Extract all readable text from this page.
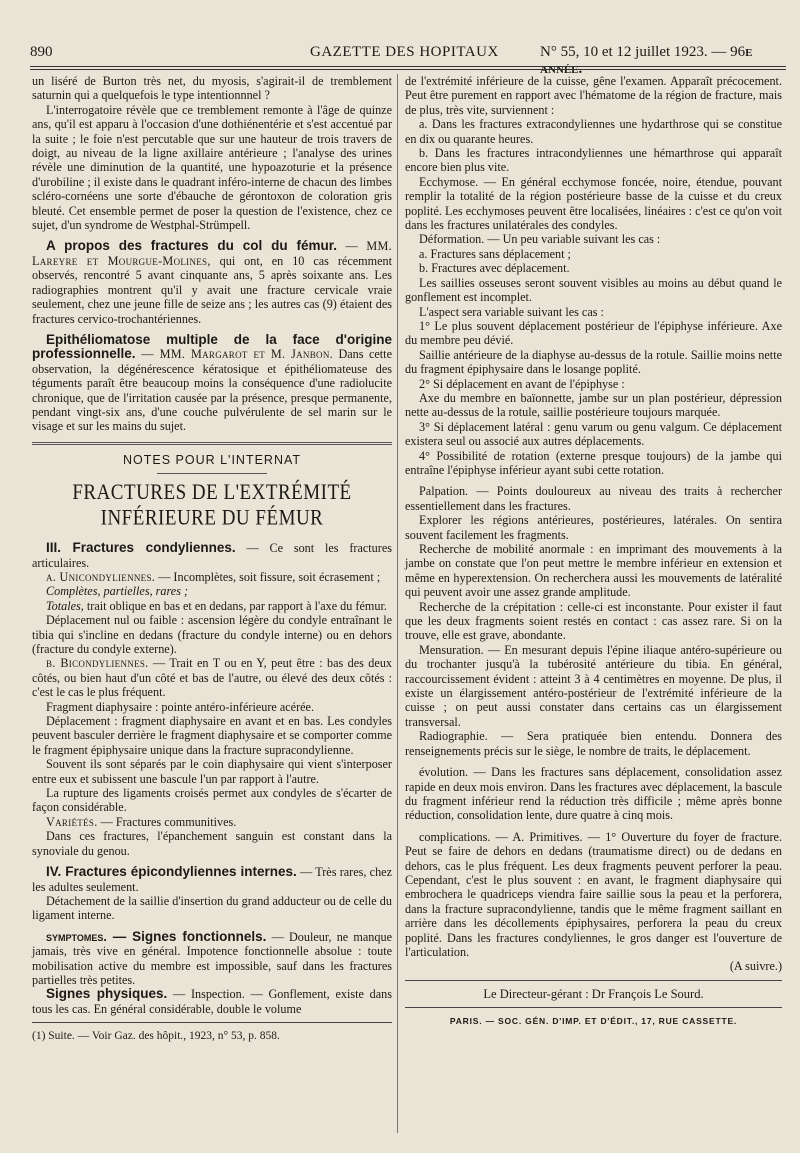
890	GAZETTE DES HOPITAUX	N° 55, 10 et 12 juillet 1923. — 96e année.

un liséré de Burton très net, du myosis, s'agirait-il de tremblement saturnin qui a quelquefois le type intentionnnel ?

L'interrogatoire révèle que ce tremblement remonte à l'âge de quinze ans, qu'il est apparu à l'occasion d'une dothiénentérie et s'est accentué par la suite ; le foie n'est percutable que sur une hauteur de trois travers de doigt, au niveau de la ligne axillaire antérieure ; l'analyse des urines révèle une diminution de la quantité, une hypoazoturie et la présence d'urobiline ; il existe dans le quadrant inféro-interne de chacun des limbes scléro-cornéens une sorte d'ébauche de gérontoxon de coloration gris bleuté. Cet ensemble permet de poser la question de l'existence, chez ce sujet, d'un syndrome de Westphal-Strümpell.

A propos des fractures du col du fémur. — MM. Lareyre et Mourgue-Molines, qui ont, en 10 cas récemment observés, rencontré 5 avant cinquante ans, 5 après soixante ans. Les radiographies montrent qu'il y avait une fracture cervicale vraie seulement, chez une jeune fille de seize ans ; les autres cas (9) étaient des fractures cervico-trochantériennes.

Epithéliomatose multiple de la face d'origine professionnelle. — MM. Margarot et M. Janbon. Dans cette observation, la dégénérescence kératosique et épithéliomateuse des téguments paraît être beaucoup moins la conséquence d'une radiolucite chronique, que de l'irritation causée par la présence, presque permanente, pendant vingt-six ans, d'une couche pulvérulente de sel marin sur le visage et sur les mains du sujet.

NOTES POUR L'INTERNAT
FRACTURES DE L'EXTRÉMITÉ INFÉRIEURE DU FÉMUR

III. Fractures condyliennes. — Ce sont les fractures articulaires.

a. Unicondyliennes. — Incomplètes, soit fissure, soit écrasement ;

Complètes, partielles, rares ;

Totales, trait oblique en bas et en dedans, par rapport à l'axe du fémur.

Déplacement nul ou faible : ascension légère du condyle entraînant le tibia qui s'incline en dedans (fracture du condyle interne) ou en dehors (fracture du condyle externe).

b. Bicondyliennes. — Trait en T ou en Y, peut être : bas des deux côtés, ou bien haut d'un côté et bas de l'autre, ou élevé des deux côtés : c'est le cas le plus fréquent.

Fragment diaphysaire : pointe antéro-inférieure acérée.

Déplacement : fragment diaphysaire en avant et en bas. Les condyles peuvent basculer derrière le fragment diaphysaire et se comporter comme le fragment épiphysaire unique dans la fracture supracondylienne.

Souvent ils sont séparés par le coin diaphysaire qui vient s'interposer entre eux et subissent une bascule l'un par rapport à l'autre.

La rupture des ligaments croisés permet aux condyles de s'écarter de façon considérable.

Variétés. — Fractures communitives.

Dans ces fractures, l'épanchement sanguin est constant dans la synoviale du genou.

IV. Fractures épicondyliennes internes. — Très rares, chez les adultes seulement.

Détachement de la saillie d'insertion du grand adducteur ou de celle du ligament interne.

symptomes. — Signes fonctionnels. — Douleur, ne manque jamais, très vive en général. Impotence fonctionnelle absolue : toute mobilisation active du membre est impossible, sauf dans les fractures partielles très petites.

Signes physiques. — Inspection. — Gonflement, existe dans tous les cas. En général considérable, double le volume

(1) Suite. — Voir Gaz. des hôpit., 1923, n° 53, p. 858.

de l'extrémité inférieure de la cuisse, gêne l'examen. Apparaît précocement. Peut être purement en rapport avec l'hématome de la région de fracture, mais de plus, très vite, surviennent :

a. Dans les fractures extracondyliennes une hydarthrose qui se constitue en dix ou quarante heures.

b. Dans les fractures intracondyliennes une hémarthrose qui apparaît encore bien plus vite.

Ecchymose. — En général ecchymose foncée, noire, étendue, pouvant remplir la totalité de la région postérieure basse de la cuisse et du creux poplité. Les ecchymoses peuvent être localisées, linéaires : c'est ce qu'on voit dans les fractures unilatérales des condyles.

Déformation. — Un peu variable suivant les cas :

a. Fractures sans déplacement ;

b. Fractures avec déplacement.

Les saillies osseuses seront souvent visibles au moins au début quand le gonflement est incomplet.

L'aspect sera variable suivant les cas :

1° Le plus souvent déplacement postérieur de l'épiphyse inférieure. Axe du membre peu dévié.

Saillie antérieure de la diaphyse au-dessus de la rotule. Saillie moins nette du fragment épiphysaire dans le losange poplité.

2° Si déplacement en avant de l'épiphyse :

Axe du membre en baïonnette, jambe sur un plan postérieur, dépression nette au-dessus de la rotule, saillie postérieure toujours marquée.

3° Si déplacement latéral : genu varum ou genu valgum. Ce déplacement existera seul ou associé aux autres déplacements.

4° Possibilité de rotation (externe presque toujours) de la jambe qui entraîne l'épiphyse inférieur ayant subi cette rotation.

Palpation. — Points douloureux au niveau des traits à rechercher essentiellement dans les fractures.

Explorer les régions antérieures, postérieures, latérales. On sentira souvent facilement les fragments.

Recherche de mobilité anormale : en imprimant des mouvements à la jambe on constate que l'on peut mettre le membre inférieur en extension et même en hyperextension. On recherchera aussi les mouvements de latéralité qui peuvent avoir une assez grande amplitude.

Recherche de la crépitation : celle-ci est inconstante. Pour exister il faut que les deux fragments soient restés en contact : cas assez rare. Si on la trouve, elle est grave, abondante.

Mensuration. — En mesurant depuis l'épine iliaque antéro-supérieure ou du trochanter jusqu'à la tubérosité antérieure du tibia. En général, raccourcissement évident : atteint 3 à 4 centimètres en moyenne. De plus, il existe un élargissement antéro-postérieur de l'extrémité inférieure de la cuisse ; on peut aussi constater dans certains cas un élargissement transversal.

Radiographie. — Sera pratiquée bien entendu. Donnera des renseignements précis sur le siège, le nombre de traits, le déplacement.

évolution. — Dans les fractures sans déplacement, consolidation assez rapide en deux mois environ. Dans les fractures avec déplacement, la bascule du fragment inférieur rend la réduction très difficile ; même après bonne réduction, consolidation lente, dure quatre à cinq mois.

complications. — A. Primitives. — 1° Ouverture du foyer de fracture. Peut se faire de dehors en dedans (traumatisme direct) ou de dedans en dehors, cas le plus fréquent. Les deux fragments peuvent perforer la peau. Cependant, c'est le plus souvent : en avant, le fragment diaphysaire qui embrochera le quadriceps viendra faire saillie sous la peau et la perforera, dans la fracture supracondylienne, tandis que le même fragment saillant en arrière dans les décollements épiphysaires, perforera la peau du creux poplité. Dans les fractures condyliennes, le gros danger est l'ouverture de l'articulation.

(A suivre.)

Le Directeur-gérant : Dr François Le Sourd.
PARIS. — SOC. GÉN. D'IMP. ET D'ÉDIT., 17, RUE CASSETTE.
